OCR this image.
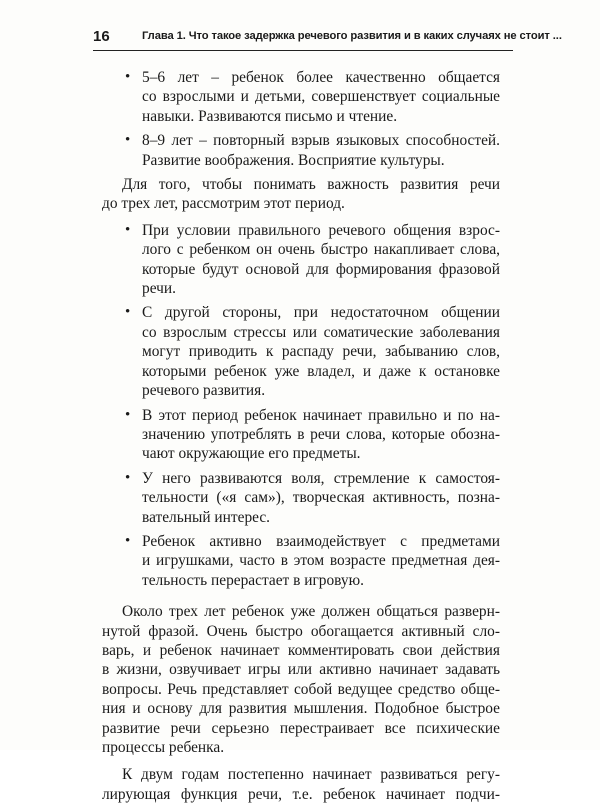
16	Глава 1. Что такое задержка речевого развития и в каких случаях не стоит ...
• 5–6 лет – ребенок более качественно общается
со взрослыми и детьми, совершенствует социальные
навыки. Развиваются письмо и чтение.
• 8–9 лет – повторный взрыв языковых способностей.
Развитие воображения. Восприятие культуры.
Для того, чтобы понимать важность развития речи
до трех лет, рассмотрим этот период.
• При условии правильного речевого общения взрос-
лого с ребенком он очень быстро накапливает слова,
которые будут основой для формирования фразовой
речи.
• С другой стороны, при недостаточном общении
со взрослым стрессы или соматические заболевания
могут приводить к распаду речи, забыванию слов,
которыми ребенок уже владел, и даже к остановке
речевого развития.
• В этот период ребенок начинает правильно и по на-
значению употреблять в речи слова, которые обозна-
чают окружающие его предметы.
• У него развиваются воля, стремление к самостоя-
тельности («я сам»), творческая активность, позна-
вательный интерес.
• Ребенок активно взаимодействует с предметами
и игрушками, часто в этом возрасте предметная дея-
тельность перерастает в игровую.
Около трех лет ребенок уже должен общаться разверн-
нутой фразой. Очень быстро обогащается активный сло-
варь, и ребенок начинает комментировать свои действия
в жизни, озвучивает игры или активно начинает задавать
вопросы. Речь представляет собой ведущее средство обще-
ния и основу для развития мышления. Подобное быстрое
развитие речи серьезно перестраивает все психические
процессы ребенка.
К двум годам постепенно начинает развиваться регу-
лирующая функция речи, т.е. ребенок начинает подчи-
